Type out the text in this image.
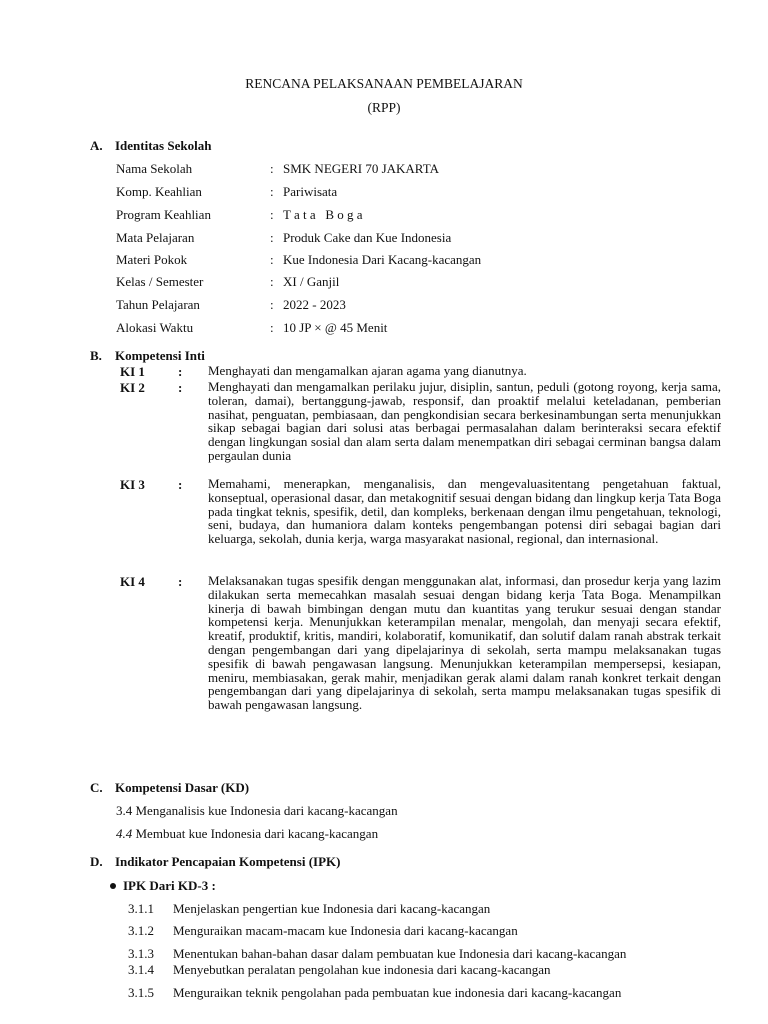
RENCANA PELAKSANAAN PEMBELAJARAN
(RPP)
A. Identitas Sekolah
Nama Sekolah	: SMK NEGERI 70 JAKARTA
Komp. Keahlian	: Pariwisata
Program Keahlian	: T a t a   B o g a
Mata Pelajaran	: Produk Cake dan Kue Indonesia
Materi Pokok	: Kue Indonesia Dari Kacang-kacangan
Kelas / Semester	: XI / Ganjil
Tahun Pelajaran	: 2022 - 2023
Alokasi Waktu	: 10 JP × @ 45 Menit
B. Kompetensi Inti
KI 1	: Menghayati dan mengamalkan ajaran agama yang dianutnya.
KI 2	: Menghayati dan mengamalkan perilaku jujur, disiplin, santun, peduli (gotong royong, kerja sama, toleran, damai), bertanggung-jawab, responsif, dan proaktif melalui keteladanan, pemberian nasihat, penguatan, pembiasaan, dan pengkondisian secara berkesinambungan serta menunjukkan sikap sebagai bagian dari solusi atas berbagai permasalahan dalam berinteraksi secara efektif dengan lingkungan sosial dan alam serta dalam menempatkan diri sebagai cerminan bangsa dalam pergaulan dunia
KI 3	: Memahami, menerapkan, menganalisis, dan mengevaluasitentang pengetahuan faktual, konseptual, operasional dasar, dan metakognitif sesuai dengan bidang dan lingkup kerja Tata Boga pada tingkat teknis, spesifik, detil, dan kompleks, berkenaan dengan ilmu pengetahuan, teknologi, seni, budaya, dan humaniora dalam konteks pengembangan potensi diri sebagai bagian dari keluarga, sekolah, dunia kerja, warga masyarakat nasional, regional, dan internasional.
KI 4	: Melaksanakan tugas spesifik dengan menggunakan alat, informasi, dan prosedur kerja yang lazim dilakukan serta memecahkan masalah sesuai dengan bidang kerja Tata Boga. Menampilkan kinerja di bawah bimbingan dengan mutu dan kuantitas yang terukur sesuai dengan standar kompetensi kerja. Menunjukkan keterampilan menalar, mengolah, dan menyaji secara efektif, kreatif, produktif, kritis, mandiri, kolaboratif, komunikatif, dan solutif dalam ranah abstrak terkait dengan pengembangan dari yang dipelajarinya di sekolah, serta mampu melaksanakan tugas spesifik di bawah pengawasan langsung. Menunjukkan keterampilan mempersepsi, kesiapan, meniru, membiasakan, gerak mahir, menjadikan gerak alami dalam ranah konkret terkait dengan pengembangan dari yang dipelajarinya di sekolah, serta mampu melaksanakan tugas spesifik di bawah pengawasan langsung.
C. Kompetensi Dasar (KD)
3.4 Menganalisis kue Indonesia dari kacang-kacangan
4.4 Membuat kue Indonesia dari kacang-kacangan
D. Indikator Pencapaian Kompetensi (IPK)
IPK Dari KD-3 :
3.1.1 Menjelaskan pengertian kue Indonesia dari kacang-kacangan
3.1.2 Menguraikan macam-macam kue Indonesia dari kacang-kacangan
3.1.3 Menentukan bahan-bahan dasar dalam pembuatan kue Indonesia dari kacang-kacangan
3.1.4 Menyebutkan peralatan pengolahan kue indonesia dari kacang-kacangan
3.1.5 Menguraikan teknik pengolahan pada pembuatan kue indonesia dari kacang-kacangan
